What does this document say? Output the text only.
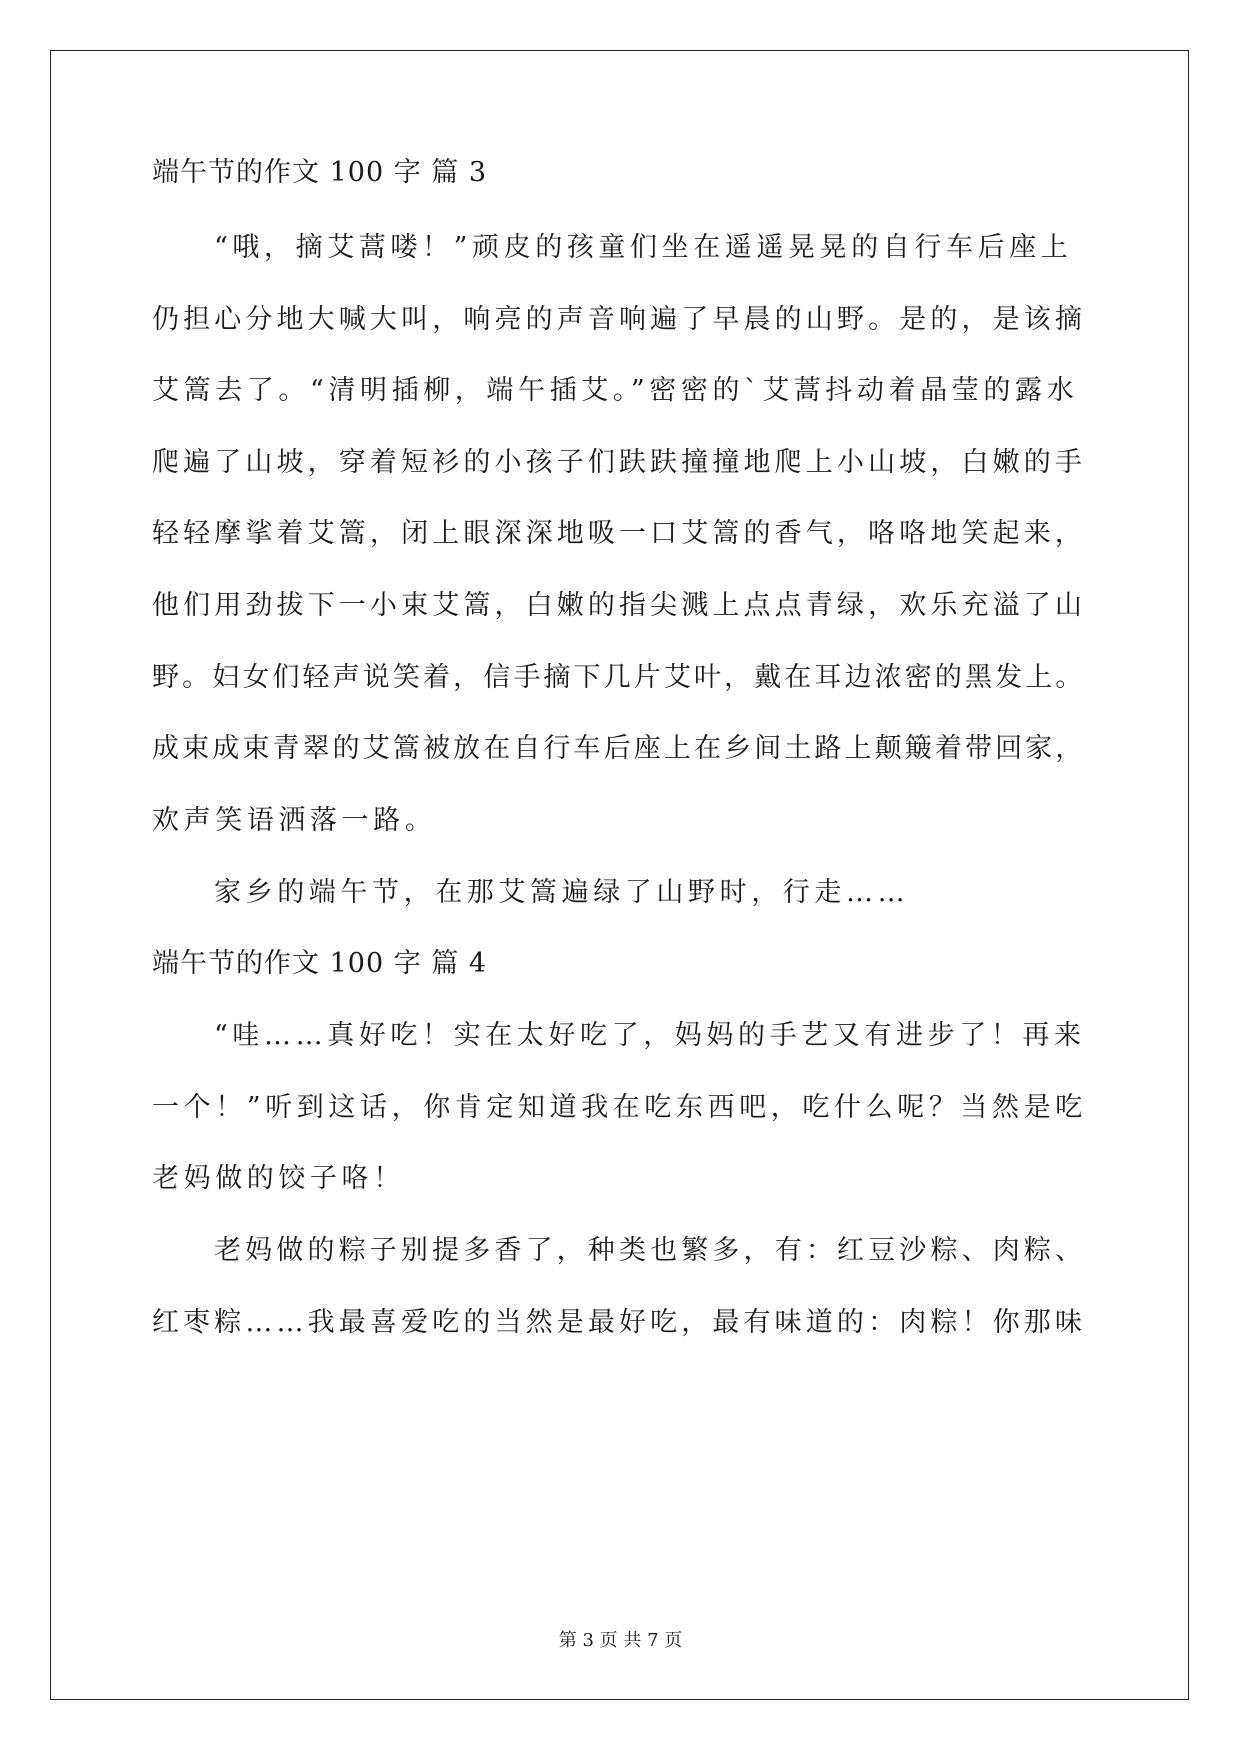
端午节的作文 100 字 篇 3
“哦，摘艾蒿喽！”顽皮的孩童们坐在遥遥晃晃的自行车后座上
仍担心分地大喊大叫，响亮的声音响遍了早晨的山野。是的，是该摘
艾篙去了。“清明插柳，端午插艾。”密密的`艾蒿抖动着晶莹的露水
爬遍了山坡，穿着短衫的小孩子们趺趺撞撞地爬上小山坡，白嫩的手
轻轻摩挲着艾篙，闭上眼深深地吸一口艾篙的香气，咯咯地笑起来，
他们用劲拔下一小束艾篙，白嫩的指尖溅上点点青绿，欢乐充溢了山
野。妇女们轻声说笑着，信手摘下几片艾叶，戴在耳边浓密的黑发上。
成束成束青翠的艾篙被放在自行车后座上在乡间土路上颠簸着带回家，
欢声笑语洒落一路。
家乡的端午节，在那艾篙遍绿了山野时，行走……
端午节的作文 100 字 篇 4
“哇……真好吃！实在太好吃了，妈妈的手艺又有进步了！再来
一个！”听到这话，你肯定知道我在吃东西吧，吃什么呢？当然是吃
老妈做的饺子咯！
老妈做的粽子别提多香了，种类也繁多，有：红豆沙粽、肉粽、
红枣粽……我最喜爱吃的当然是最好吃，最有味道的：肉粽！你那味
第 3 页 共 7 页
